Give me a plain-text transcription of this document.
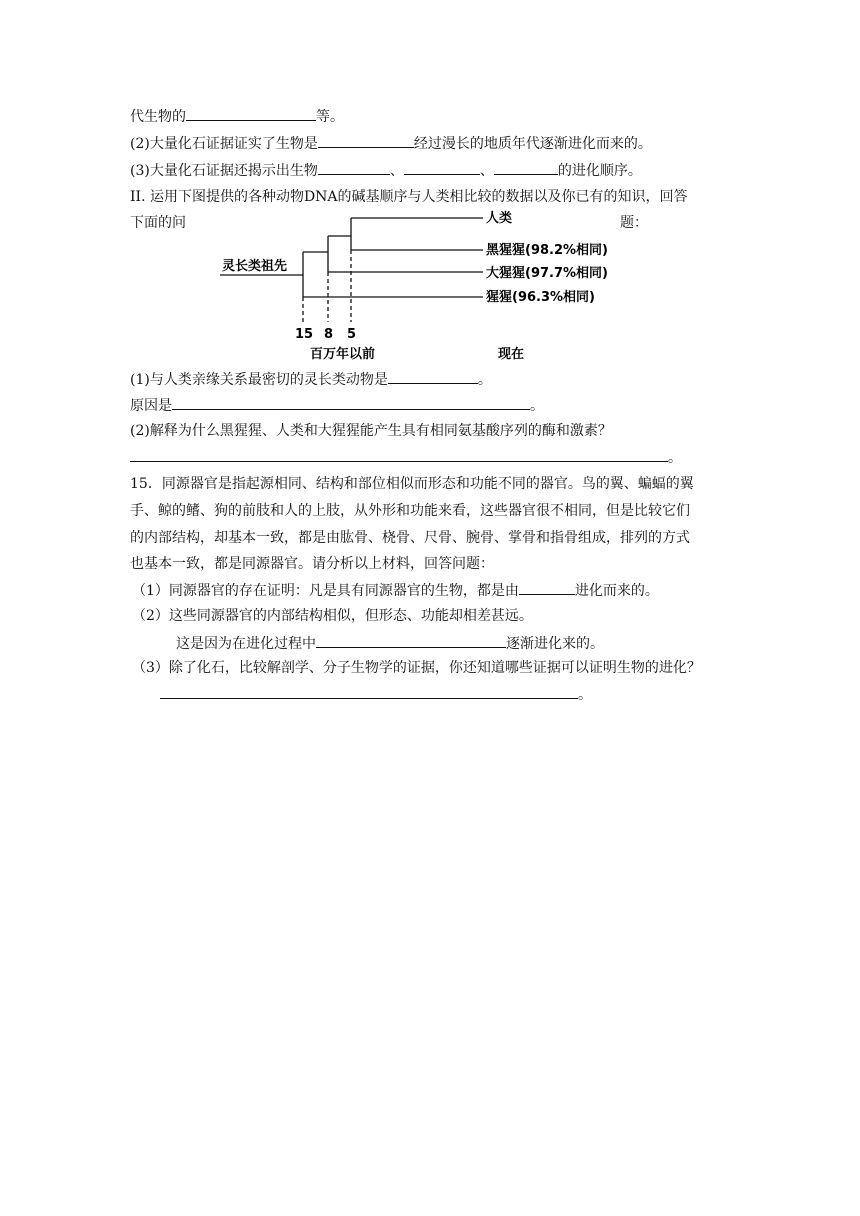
代生物的	等。
(2)大量化石证据证实了生物是	经过漫长的地质年代逐渐进化而来的。
(3)大量化石证据还揭示出生物	、	、	的进化顺序。
II. 运用下图提供的各种动物DNA的碱基顺序与人类相比较的数据以及你已有的知识，回答
下面的问	题：
灵长类祖先
人类
黑猩猩(98.2%相同)
大猩猩(97.7%相同)
猩猩(96.3%相同)
15 8 5
百万年以前	现在
(1)与人类亲缘关系最密切的灵长类动物是	。
原因是	。
(2)解释为什么黑猩猩、人类和大猩猩能产生具有相同氨基酸序列的酶和激素？
。
15．同源器官是指起源相同、结构和部位相似而形态和功能不同的器官。鸟的翼、蝙蝠的翼
手、鲸的鳍、狗的前肢和人的上肢，从外形和功能来看，这些器官很不相同，但是比较它们
的内部结构，却基本一致，都是由肱骨、桡骨、尺骨、腕骨、掌骨和指骨组成，排列的方式
也基本一致，都是同源器官。请分析以上材料，回答问题：
（1）同源器官的存在证明：凡是具有同源器官的生物，都是由	进化而来的。
（2）这些同源器官的内部结构相似，但形态、功能却相差甚远。
这是因为在进化过程中	逐渐进化来的。
（3）除了化石，比较解剖学、分子生物学的证据，你还知道哪些证据可以证明生物的进化？
。
